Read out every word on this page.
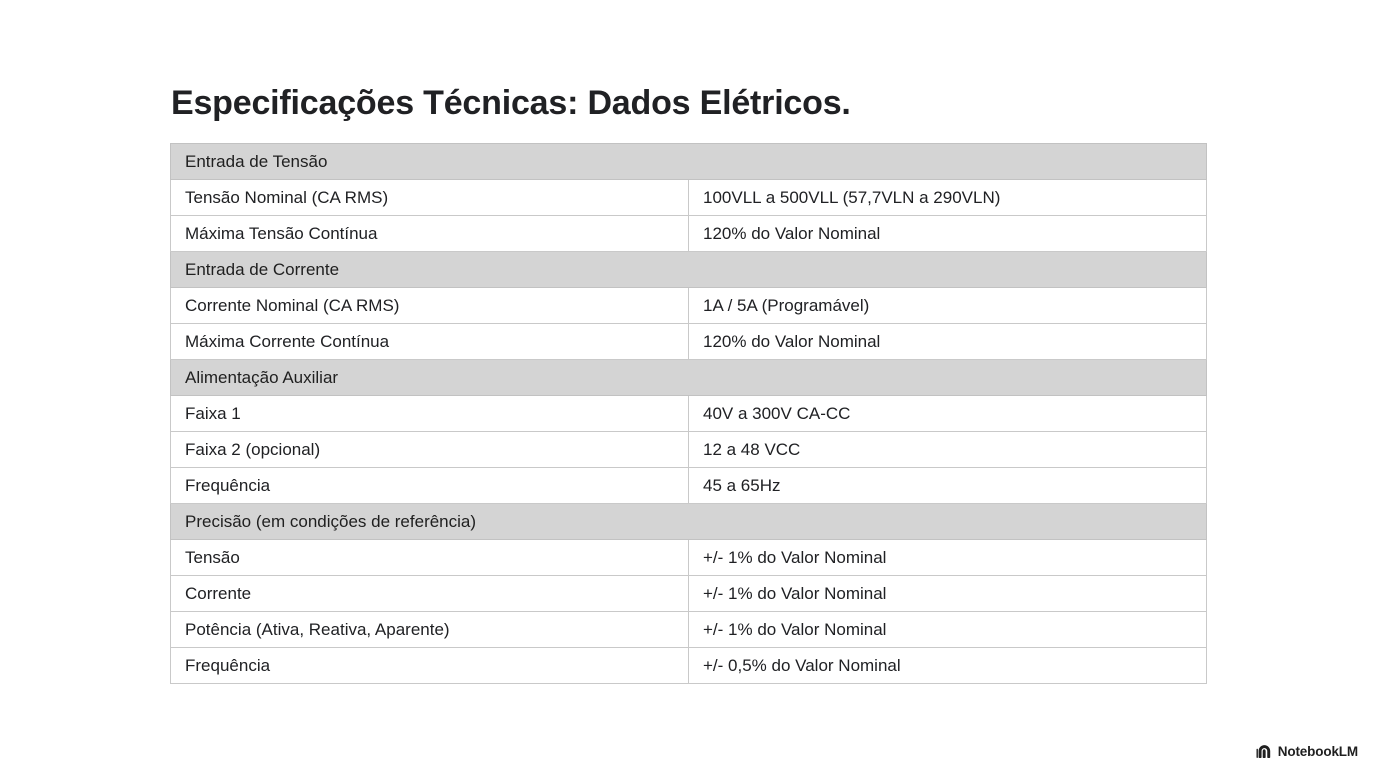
Especificações Técnicas: Dados Elétricos.
Entrada de Tensão	
Tensão Nominal (CA RMS)	100VLL a 500VLL (57,7VLN a 290VLN)
Máxima Tensão Contínua	120% do Valor Nominal
Entrada de Corrente	
Corrente Nominal (CA RMS)	1A / 5A (Programável)
Máxima Corrente Contínua	120% do Valor Nominal
Alimentação Auxiliar	
Faixa 1	40V a 300V CA-CC
Faixa 2 (opcional)	12 a 48 VCC
Frequência	45 a 65Hz
Precisão (em condições de referência)	
Tensão	+/- 1% do Valor Nominal
Corrente	+/- 1% do Valor Nominal
Potência (Ativa, Reativa, Aparente)	+/- 1% do Valor Nominal
Frequência	+/- 0,5% do Valor Nominal
NotebookLM
